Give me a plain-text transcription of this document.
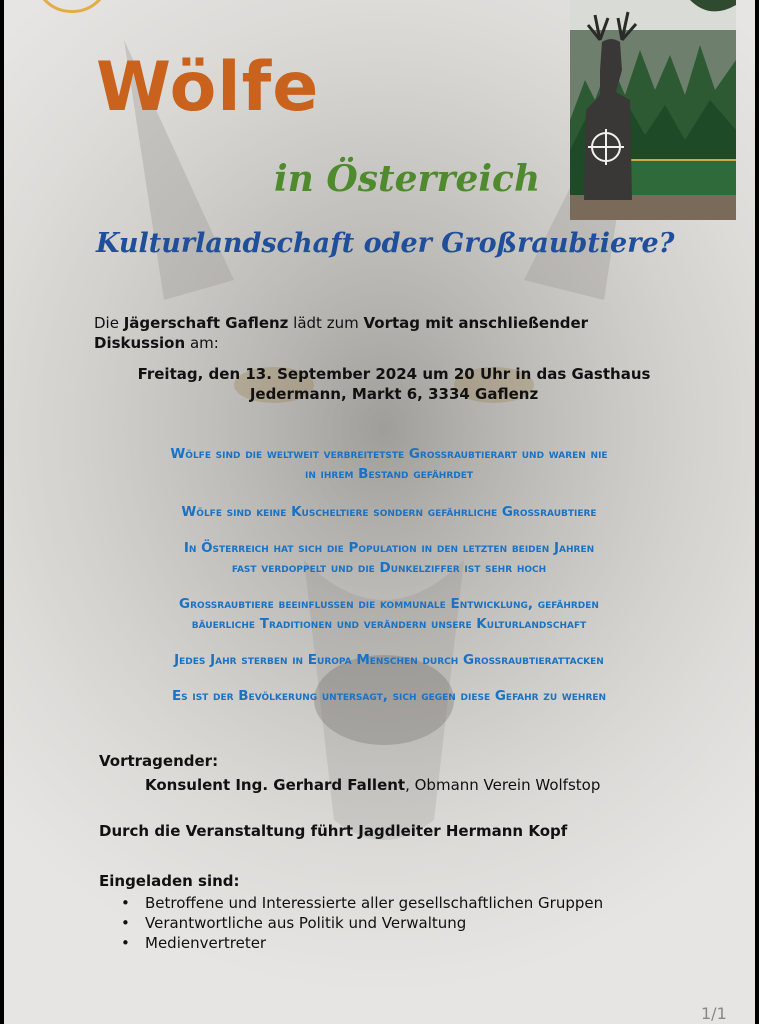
Wölfe
in Österreich
Kulturlandschaft oder Großraubtiere?
Die Jägerschaft Gaflenz lädt zum Vortag mit anschließender Diskussion am:
Freitag, den 13. September 2024 um 20 Uhr in das Gasthaus
Jedermann, Markt 6, 3334 Gaflenz
Wölfe sind die weltweit verbreitetste Großraubtierart und waren nie
in ihrem Bestand gefährdet
Wölfe sind keine Kuscheltiere sondern gefährliche Großraubtiere
In Österreich hat sich die Population in den letzten beiden Jahren
fast verdoppelt und die Dunkelziffer ist sehr hoch
Großraubtiere beeinflussen die kommunale Entwicklung, gefährden
bäuerliche Traditionen und verändern unsere Kulturlandschaft
Jedes Jahr sterben in Europa Menschen durch Großraubtierattacken
Es ist der Bevölkerung untersagt, sich gegen diese Gefahr zu wehren
Vortragender:
Konsulent Ing. Gerhard Fallent, Obmann Verein Wolfstop
Durch die Veranstaltung führt Jagdleiter Hermann Kopf
Eingeladen sind:
•	Betroffene und Interessierte aller gesellschaftlichen Gruppen
•	Verantwortliche aus Politik und Verwaltung
•	Medienvertreter
1/1
